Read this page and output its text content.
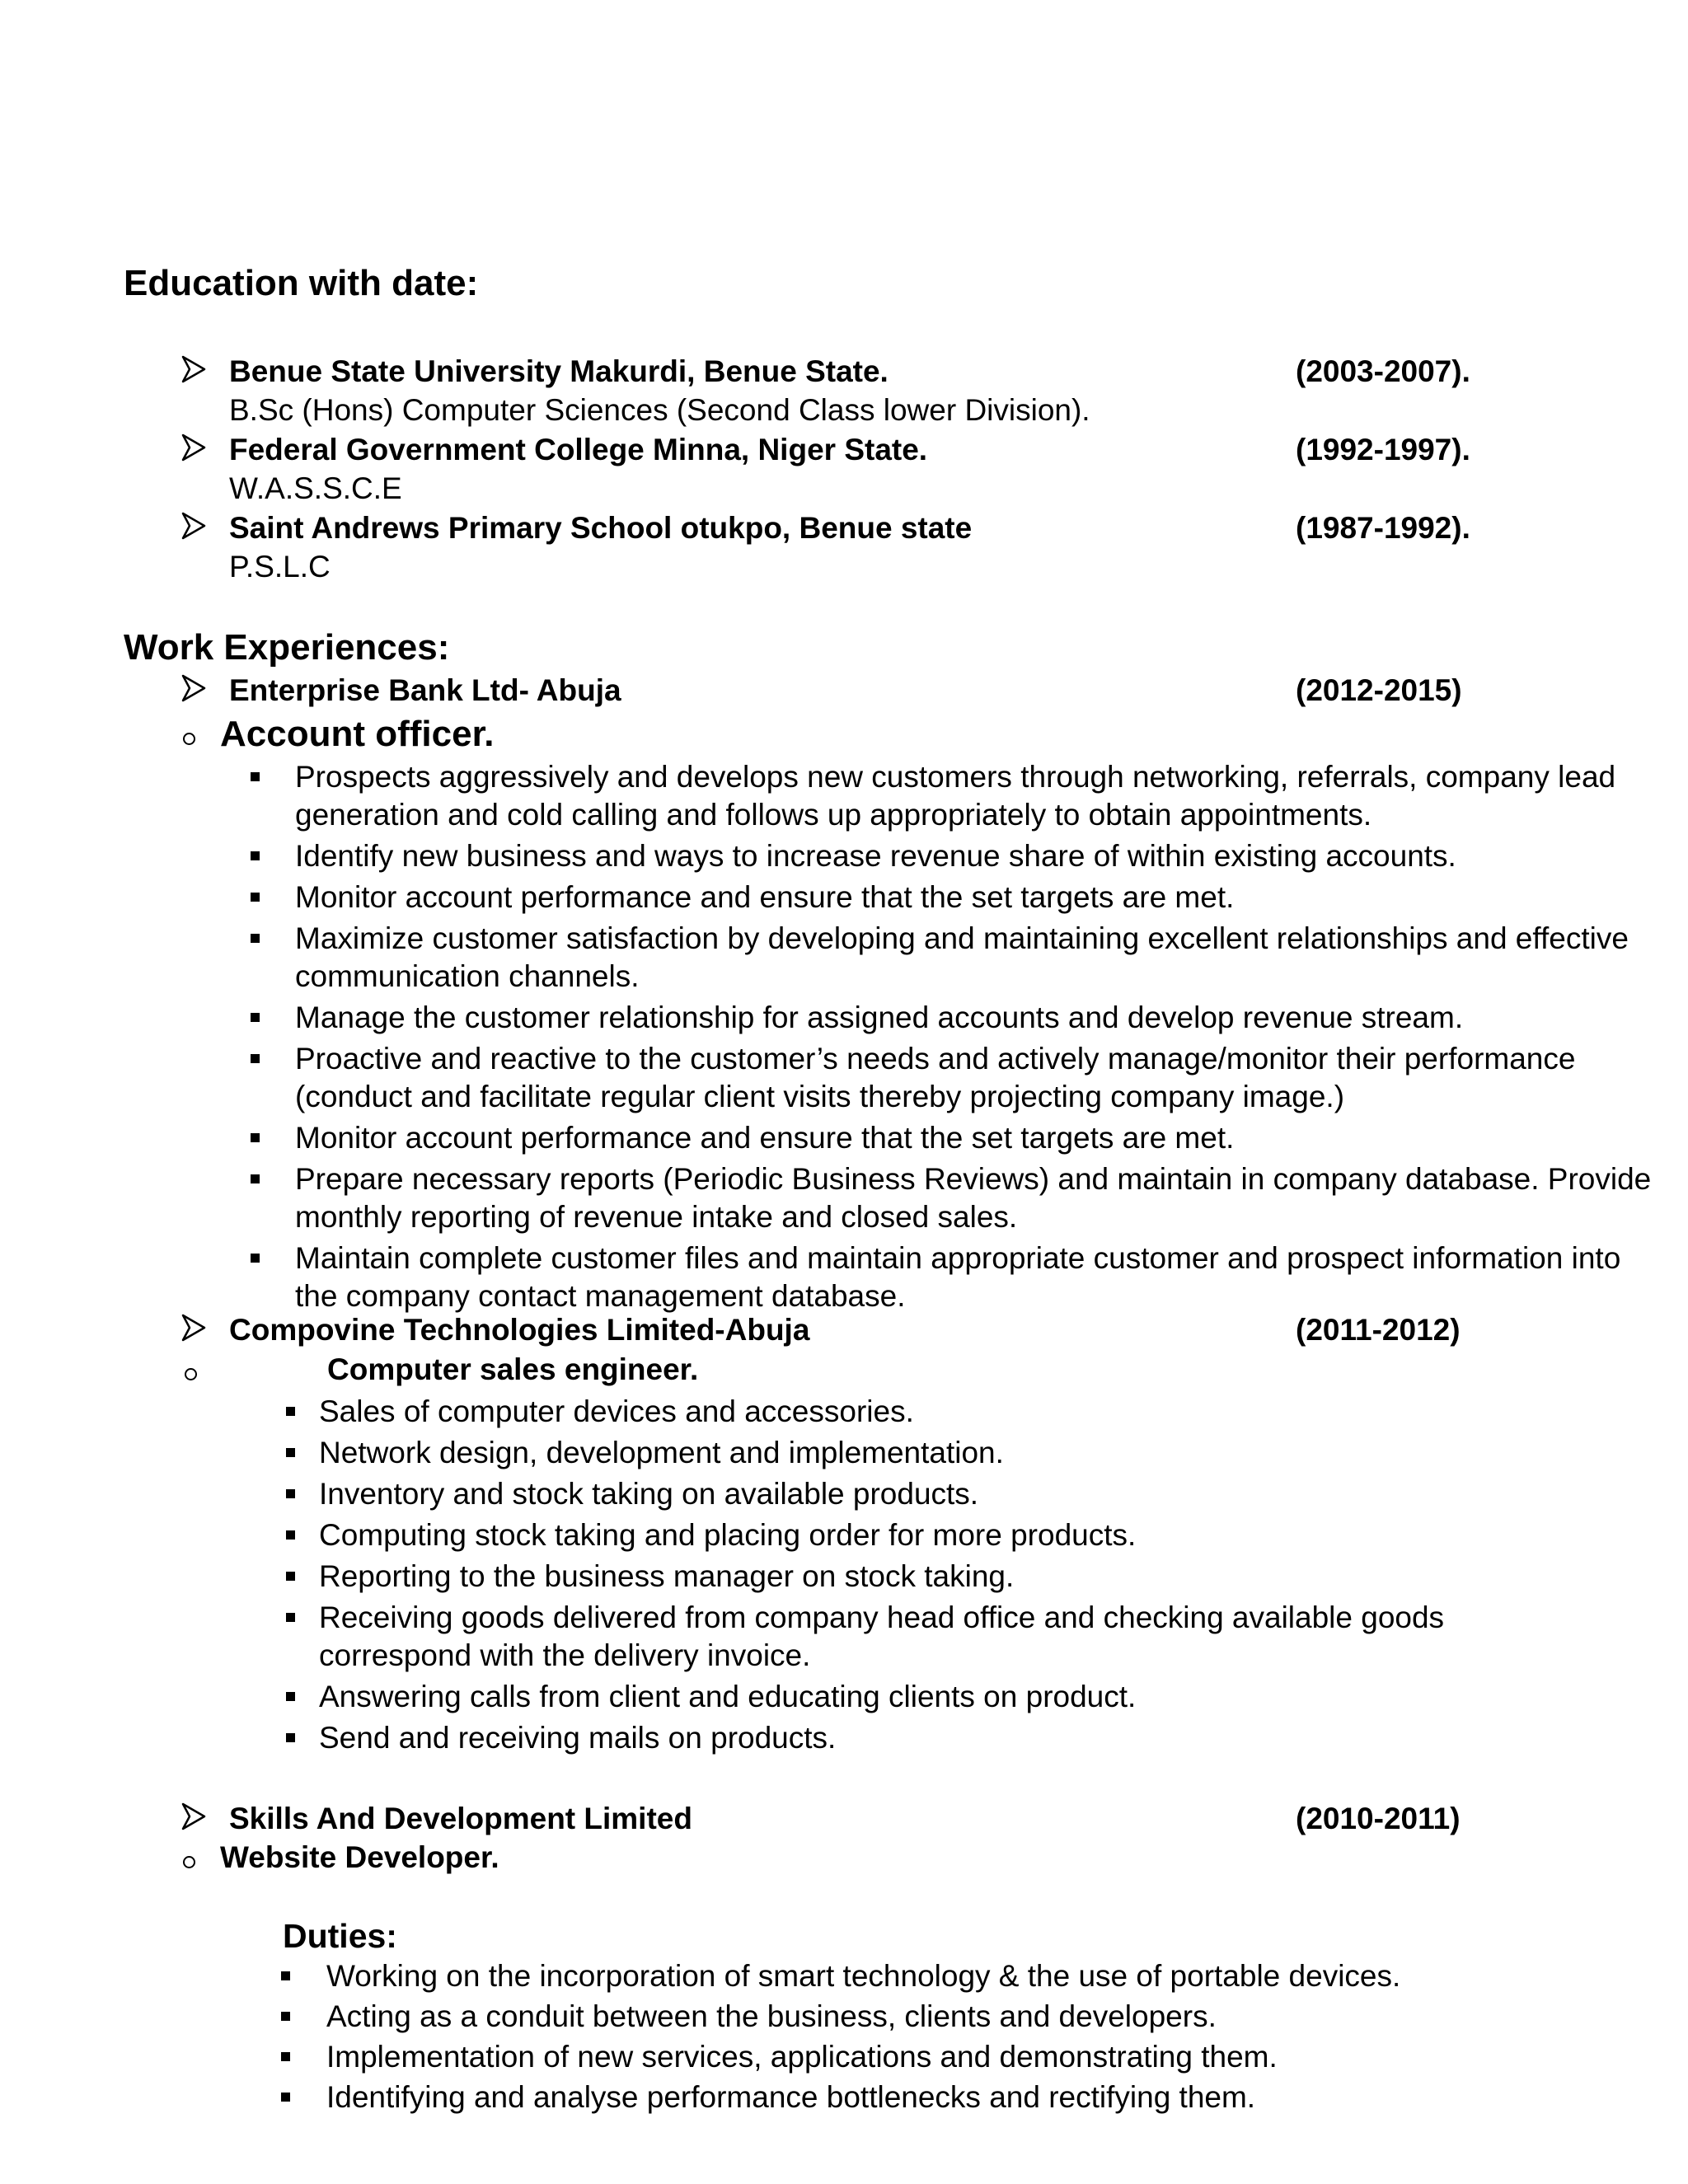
Education with date:
Benue State University Makurdi, Benue State.	(2003-2007).
B.Sc (Hons) Computer Sciences (Second Class lower Division).
Federal Government College Minna, Niger State.	(1992-1997).
W.A.S.S.C.E
Saint Andrews Primary School otukpo, Benue state	(1987-1992).
P.S.L.C
Work Experiences:
Enterprise Bank Ltd- Abuja	(2012-2015)
Account officer.
Prospects aggressively and develops new customers through networking, referrals, company lead generation and cold calling and follows up appropriately to obtain appointments.
Identify new business and ways to increase revenue share of within existing accounts.
Monitor account performance and ensure that the set targets are met.
Maximize customer satisfaction by developing and maintaining excellent relationships and effective communication channels.
Manage the customer relationship for assigned accounts and develop revenue stream.
Proactive and reactive to the customer’s needs and actively manage/monitor their performance (conduct and facilitate regular client visits thereby projecting company image.)
Monitor account performance and ensure that the set targets are met.
Prepare necessary reports (Periodic Business Reviews) and maintain in company database. Provide monthly reporting of revenue intake and closed sales.
Maintain complete customer files and maintain appropriate customer and prospect information into the company contact management database.
Compovine Technologies Limited-Abuja	(2011-2012)
Computer sales engineer.
Sales of computer devices and accessories.
Network design, development and implementation.
Inventory and stock taking on available products.
Computing stock taking and placing order for more products.
Reporting to the business manager on stock taking.
Receiving goods delivered from company head office and checking available goods correspond with the delivery invoice.
Answering calls from client and educating clients on product.
Send and receiving mails on products.
Skills And Development Limited	(2010-2011)
Website Developer.
Duties:
Working on the incorporation of smart technology & the use of portable devices.
Acting as a conduit between the business, clients and developers.
Implementation of new services, applications and demonstrating them.
Identifying and analyse performance bottlenecks and rectifying them.
